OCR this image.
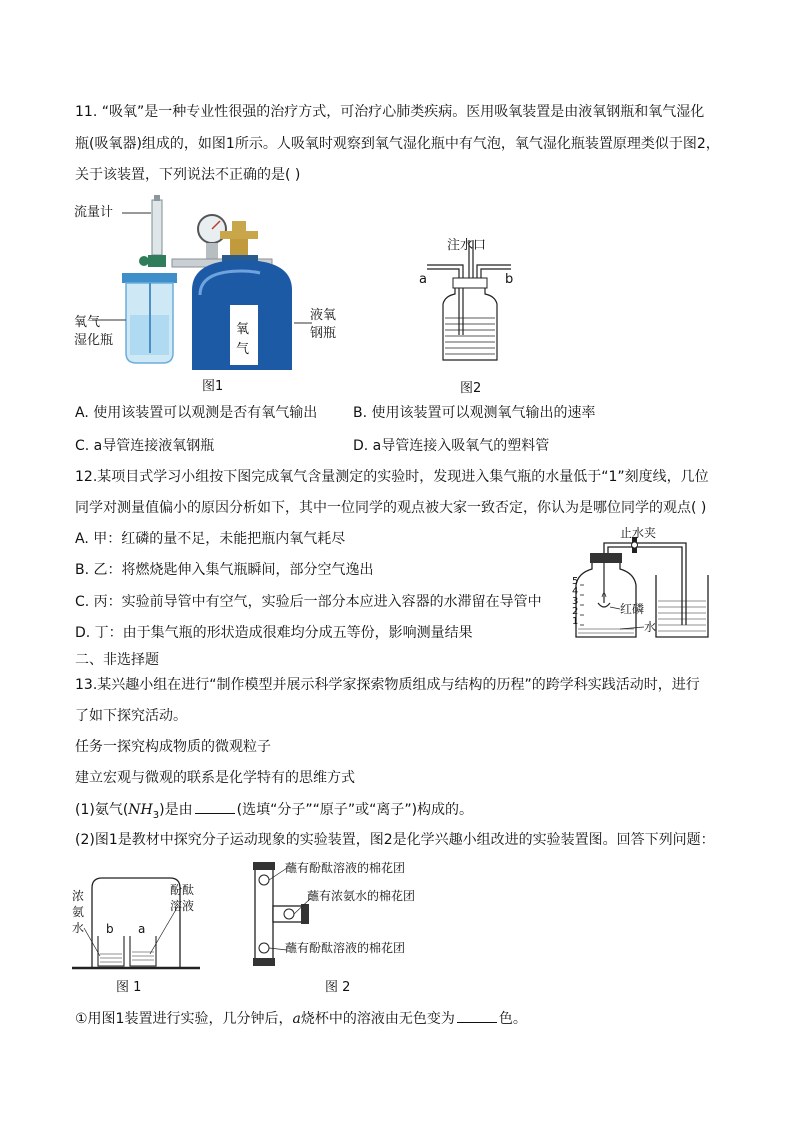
11. “吸氧”是一种专业性很强的治疗方式，可治疗心肺类疾病。医用吸氧装置是由液氧钢瓶和氧气湿化
瓶(吸氧器)组成的，如图1所示。人吸氧时观察到氧气湿化瓶中有气泡，氧气湿化瓶装置原理类似于图2，
关于该装置，下列说法不正确的是( )
流量计
氧气
湿化瓶
液氧
钢瓶
氧
气
图1
注水口
a	b
图2
A. 使用该装置可以观测是否有氧气输出	B. 使用该装置可以观测氧气输出的速率
C. a导管连接液氧钢瓶	D. a导管连接入吸氧气的塑料管
12.某项目式学习小组按下图完成氧气含量测定的实验时，发现进入集气瓶的水量低于“1”刻度线，几位
同学对测量值偏小的原因分析如下，其中一位同学的观点被大家一致否定，你认为是哪位同学的观点( )
A. 甲：红磷的量不足，未能把瓶内氧气耗尽
B. 乙：将燃烧匙伸入集气瓶瞬间，部分空气逸出
C. 丙：实验前导管中有空气，实验后一部分本应进入容器的水滞留在导管中
D. 丁：由于集气瓶的形状造成很难均分成五等份，影响测量结果
止水夹
红磷
水
1
2
3
4
5
二、非选择题
13.某兴趣小组在进行“制作模型并展示科学家探索物质组成与结构的历程”的跨学科实践活动时，进行
了如下探究活动。
任务一探究构成物质的微观粒子
建立宏观与微观的联系是化学特有的思维方式
(1)氨气$(NH_3)$是由	(选填“分子”“原子”或“离子”)构成的。
(2)图1是教材中探究分子运动现象的实验装置，图2是化学兴趣小组改进的实验装置图。回答下列问题：
浓
氨
水
酚酞
溶液
b a
图 1
蘸有酚酞溶液的棉花团
蘸有浓氨水的棉花团
蘸有酚酞溶液的棉花团
图 2
①用图1装置进行实验，几分钟后，a烧杯中的溶液由无色变为	色。
